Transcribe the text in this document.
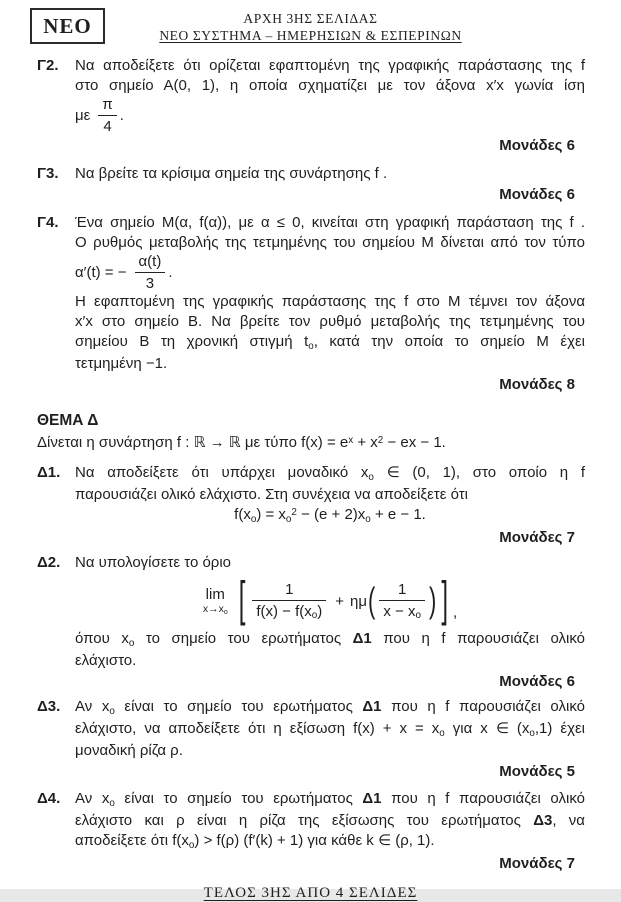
ΝΕΟ	ΑΡΧΗ 3ΗΣ ΣΕΛΙΔΑΣ
ΝΕΟ ΣΥΣΤΗΜΑ – ΗΜΕΡΗΣΙΩΝ & ΕΣΠΕΡΙΝΩΝ
Γ2.	Να αποδείξετε ότι ορίζεται εφαπτομένη της γραφικής παράστασης της f
στο σημείο Α(0, 1), η οποία σχηματίζει με τον άξονα x′x γωνία ίση
με $\frac{\pi}{4}$ .
Μονάδες 6
Γ3.	Να βρείτε τα κρίσιμα σημεία της συνάρτησης f .
Μονάδες 6
Γ4.	Ένα σημείο Μ(α, f(α)), με α ≤ 0, κινείται στη γραφική παράσταση της f .
Ο ρυθμός μεταβολής της τετμημένης του σημείου Μ δίνεται από τον τύπο
α′(t) = − $\frac{\alpha(t)}{3}$ .
Η εφαπτομένη της γραφικής παράστασης της f στο Μ τέμνει τον άξονα
x′x στο σημείο Β. Να βρείτε τον ρυθμό μεταβολής της τετμημένης του
σημείου Β τη χρονική στιγμή to, κατά την οποία το σημείο Μ έχει
τετμημένη −1.
Μονάδες 8
ΘΕΜΑ Δ
Δίνεται η συνάρτηση f : ℝ → ℝ με τύπο $f(x) = e^x + x^2$ − ex − 1.
Δ1. Να αποδείξετε ότι υπάρχει μοναδικό xo ∈ (0, 1), στο οποίο η f
παρουσιάζει ολικό ελάχιστο. Στη συνέχεια να αποδείξετε ότι
$f(xo) = xo^2 - (e + 2)xo + e - 1$.
Μονάδες 7
Δ2. Να υπολογίσετε το όριο
lim
x→xo [ $\frac{1}{f(x) - f(xo)} + \eta\mu$ ( $\frac{1}{x - xo}$ ) ] ,
όπου xo το σημείο του ερωτήματος Δ1 που η f παρουσιάζει ολικό
ελάχιστο.
Μονάδες 6
Δ3. Αν xo είναι το σημείο του ερωτήματος Δ1 που η f παρουσιάζει ολικό
ελάχιστο, να αποδείξετε ότι η εξίσωση f(x) + x = xo για x ∈ (xo,1) έχει
μοναδική ρίζα ρ.
Μονάδες 5
Δ4. Αν xo είναι το σημείο του ερωτήματος Δ1 που η f παρουσιάζει ολικό
ελάχιστο και ρ είναι η ρίζα της εξίσωσης του ερωτήματος Δ3, να
αποδείξετε ότι f(xo) > f(ρ) (f′(k) + 1) για κάθε k ∈ (ρ, 1).
Μονάδες 7
ΤΕΛΟΣ 3ΗΣ ΑΠΟ 4 ΣΕΛΙΔΕΣ
